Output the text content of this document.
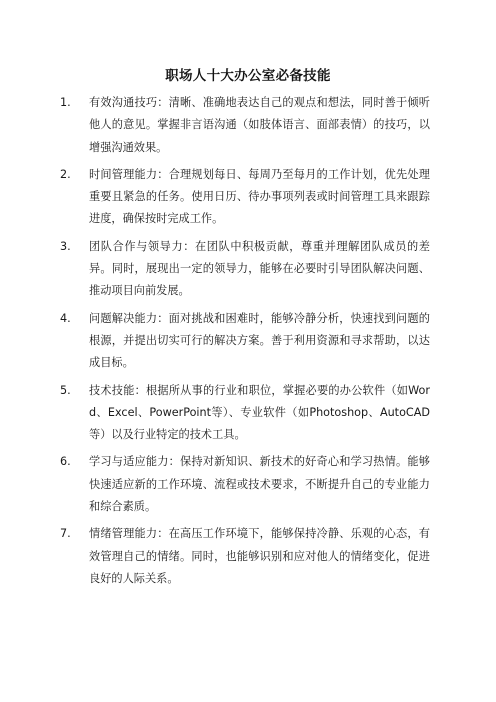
职场人十大办公室必备技能
1.	有效沟通技巧：清晰、准确地表达自己的观点和想法，同时善于倾听他人的意见。掌握非言语沟通（如肢体语言、面部表情）的技巧，以增强沟通效果。
2.	时间管理能力：合理规划每日、每周乃至每月的工作计划，优先处理重要且紧急的任务。使用日历、待办事项列表或时间管理工具来跟踪进度，确保按时完成工作。
3.	团队合作与领导力：在团队中积极贡献，尊重并理解团队成员的差异。同时，展现出一定的领导力，能够在必要时引导团队解决问题、推动项目向前发展。
4.	问题解决能力：面对挑战和困难时，能够冷静分析，快速找到问题的根源，并提出切实可行的解决方案。善于利用资源和寻求帮助，以达成目标。
5.	技术技能：根据所从事的行业和职位，掌握必要的办公软件（如Word、Excel、PowerPoint等）、专业软件（如Photoshop、AutoCAD等）以及行业特定的技术工具。
6.	学习与适应能力：保持对新知识、新技术的好奇心和学习热情。能够快速适应新的工作环境、流程或技术要求，不断提升自己的专业能力和综合素质。
7.	情绪管理能力：在高压工作环境下，能够保持冷静、乐观的心态，有效管理自己的情绪。同时，也能够识别和应对他人的情绪变化，促进良好的人际关系。
